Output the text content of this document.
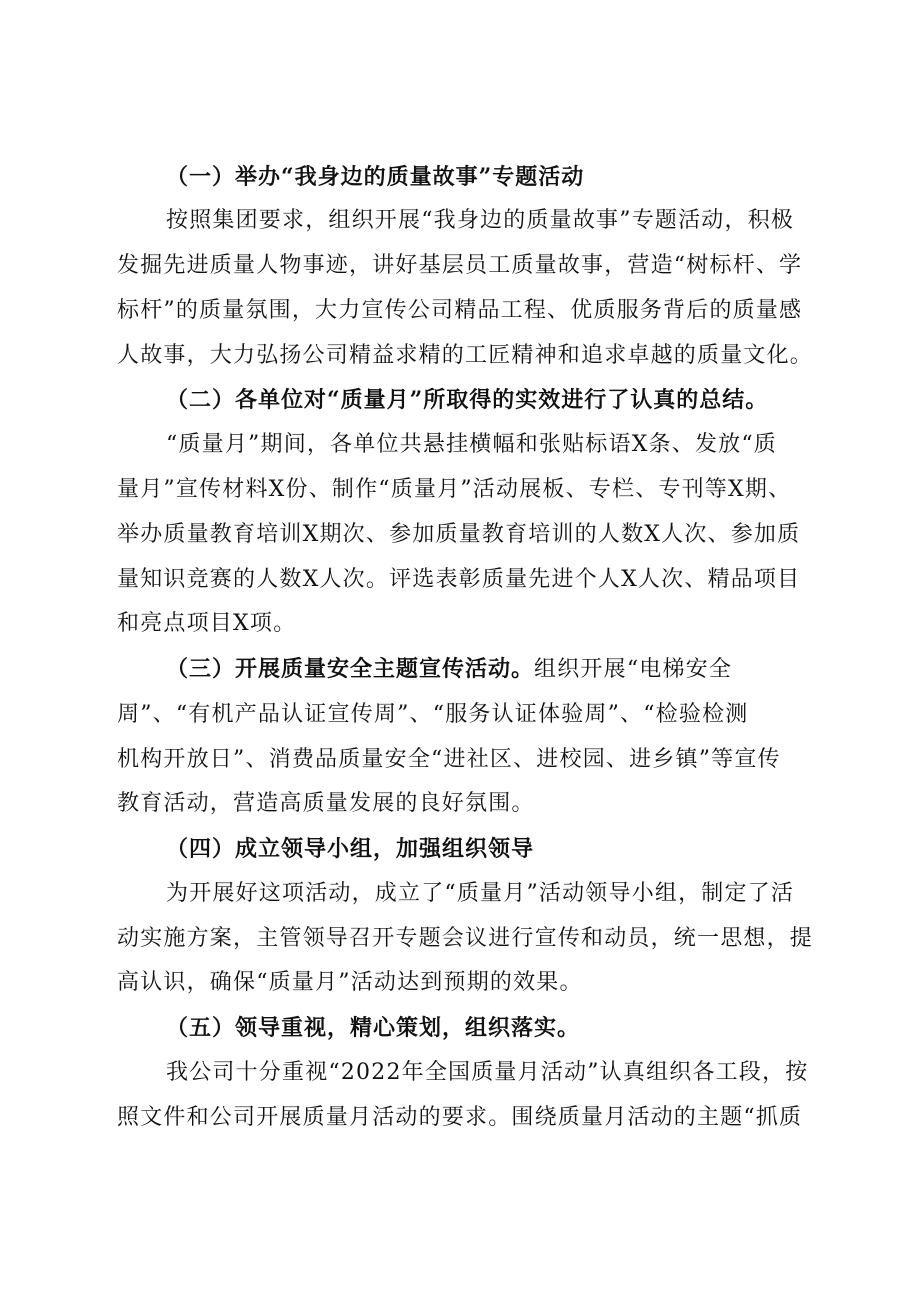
（一）举办“我身边的质量故事”专题活动
按照集团要求，组织开展“我身边的质量故事”专题活动，积极
发掘先进质量人物事迹，讲好基层员工质量故事，营造“树标杆、学
标杆”的质量氛围，大力宣传公司精品工程、优质服务背后的质量感
人故事，大力弘扬公司精益求精的工匠精神和追求卓越的质量文化。
（二）各单位对“质量月”所取得的实效进行了认真的总结。
“质量月”期间，各单位共悬挂横幅和张贴标语X条、发放“质
量月”宣传材料X份、制作“质量月”活动展板、专栏、专刊等X期、
举办质量教育培训X期次、参加质量教育培训的人数X人次、参加质
量知识竞赛的人数X人次。评选表彰质量先进个人X人次、精品项目
和亮点项目X项。
（三）开展质量安全主题宣传活动。组织开展“电梯安全
周”、“有机产品认证宣传周”、“服务认证体验周”、“检验检测
机构开放日”、消费品质量安全“进社区、进校园、进乡镇”等宣传
教育活动，营造高质量发展的良好氛围。
（四）成立领导小组，加强组织领导
为开展好这项活动，成立了“质量月”活动领导小组，制定了活
动实施方案，主管领导召开专题会议进行宣传和动员，统一思想，提
高认识，确保“质量月”活动达到预期的效果。
（五）领导重视，精心策划，组织落实。
我公司十分重视“2022年全国质量月活动”认真组织各工段，按
照文件和公司开展质量月活动的要求。围绕质量月活动的主题“抓质
